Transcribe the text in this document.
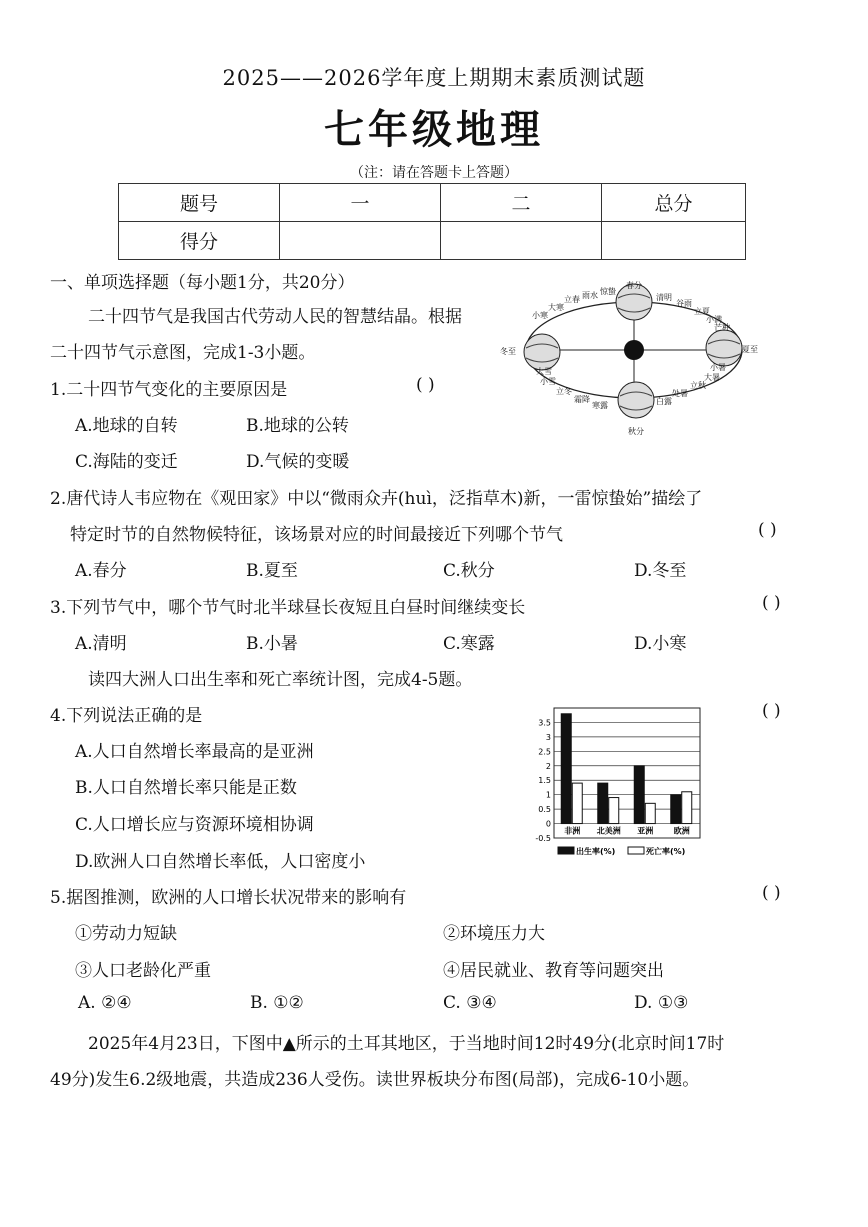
2025——2026学年度上期期末素质测试题
七年级地理
（注：请在答题卡上答题）
题号	一	二	总分
得分			
一、单项选择题（每小题1分，共20分）
二十四节气是我国古代劳动人民的智慧结晶。根据
二十四节气示意图，完成1-3小题。
春分
夏至
秋分
冬至
清明
谷雨
立夏
小满
芒种
小暑
大暑
立秋
处暑
白露
寒露
霜降
立冬
小雪
大雪
小寒
大寒
立春 雨水 惊蛰
1.二十四节气变化的主要原因是	( )
A.地球的自转	B.地球的公转
C.海陆的变迁	D.气候的变暖
2.唐代诗人韦应物在《观田家》中以“微雨众卉(huì，泛指草木)新，一雷惊蛰始”描绘了
特定时节的自然物候特征，该场景对应的时间最接近下列哪个节气	( )
A.春分	B.夏至	C.秋分	D.冬至
3.下列节气中，哪个节气时北半球昼长夜短且白昼时间继续变长	( )
A.清明	B.小暑	C.寒露	D.小寒
读四大洲人口出生率和死亡率统计图，完成4-5题。
4.下列说法正确的是	( )
A.人口自然增长率最高的是亚洲
B.人口自然增长率只能是正数
C.人口增长应与资源环境相协调
D.欧洲人口自然增长率低，人口密度小
3.5
3
2.5
2
1.5
1
0.5
0
-0.5
非洲 北美洲 亚洲	欧洲
出生率(%)	死亡率(%)
5.据图推测，欧洲的人口增长状况带来的影响有	( )
①劳动力短缺	②环境压力大
③人口老龄化严重	④居民就业、教育等问题突出
A. ②④	B. ①②	C. ③④	D. ①③
2025年4月23日，下图中▲所示的土耳其地区，于当地时间12时49分(北京时间17时
49分)发生6.2级地震，共造成236人受伤。读世界板块分布图(局部)，完成6-10小题。
